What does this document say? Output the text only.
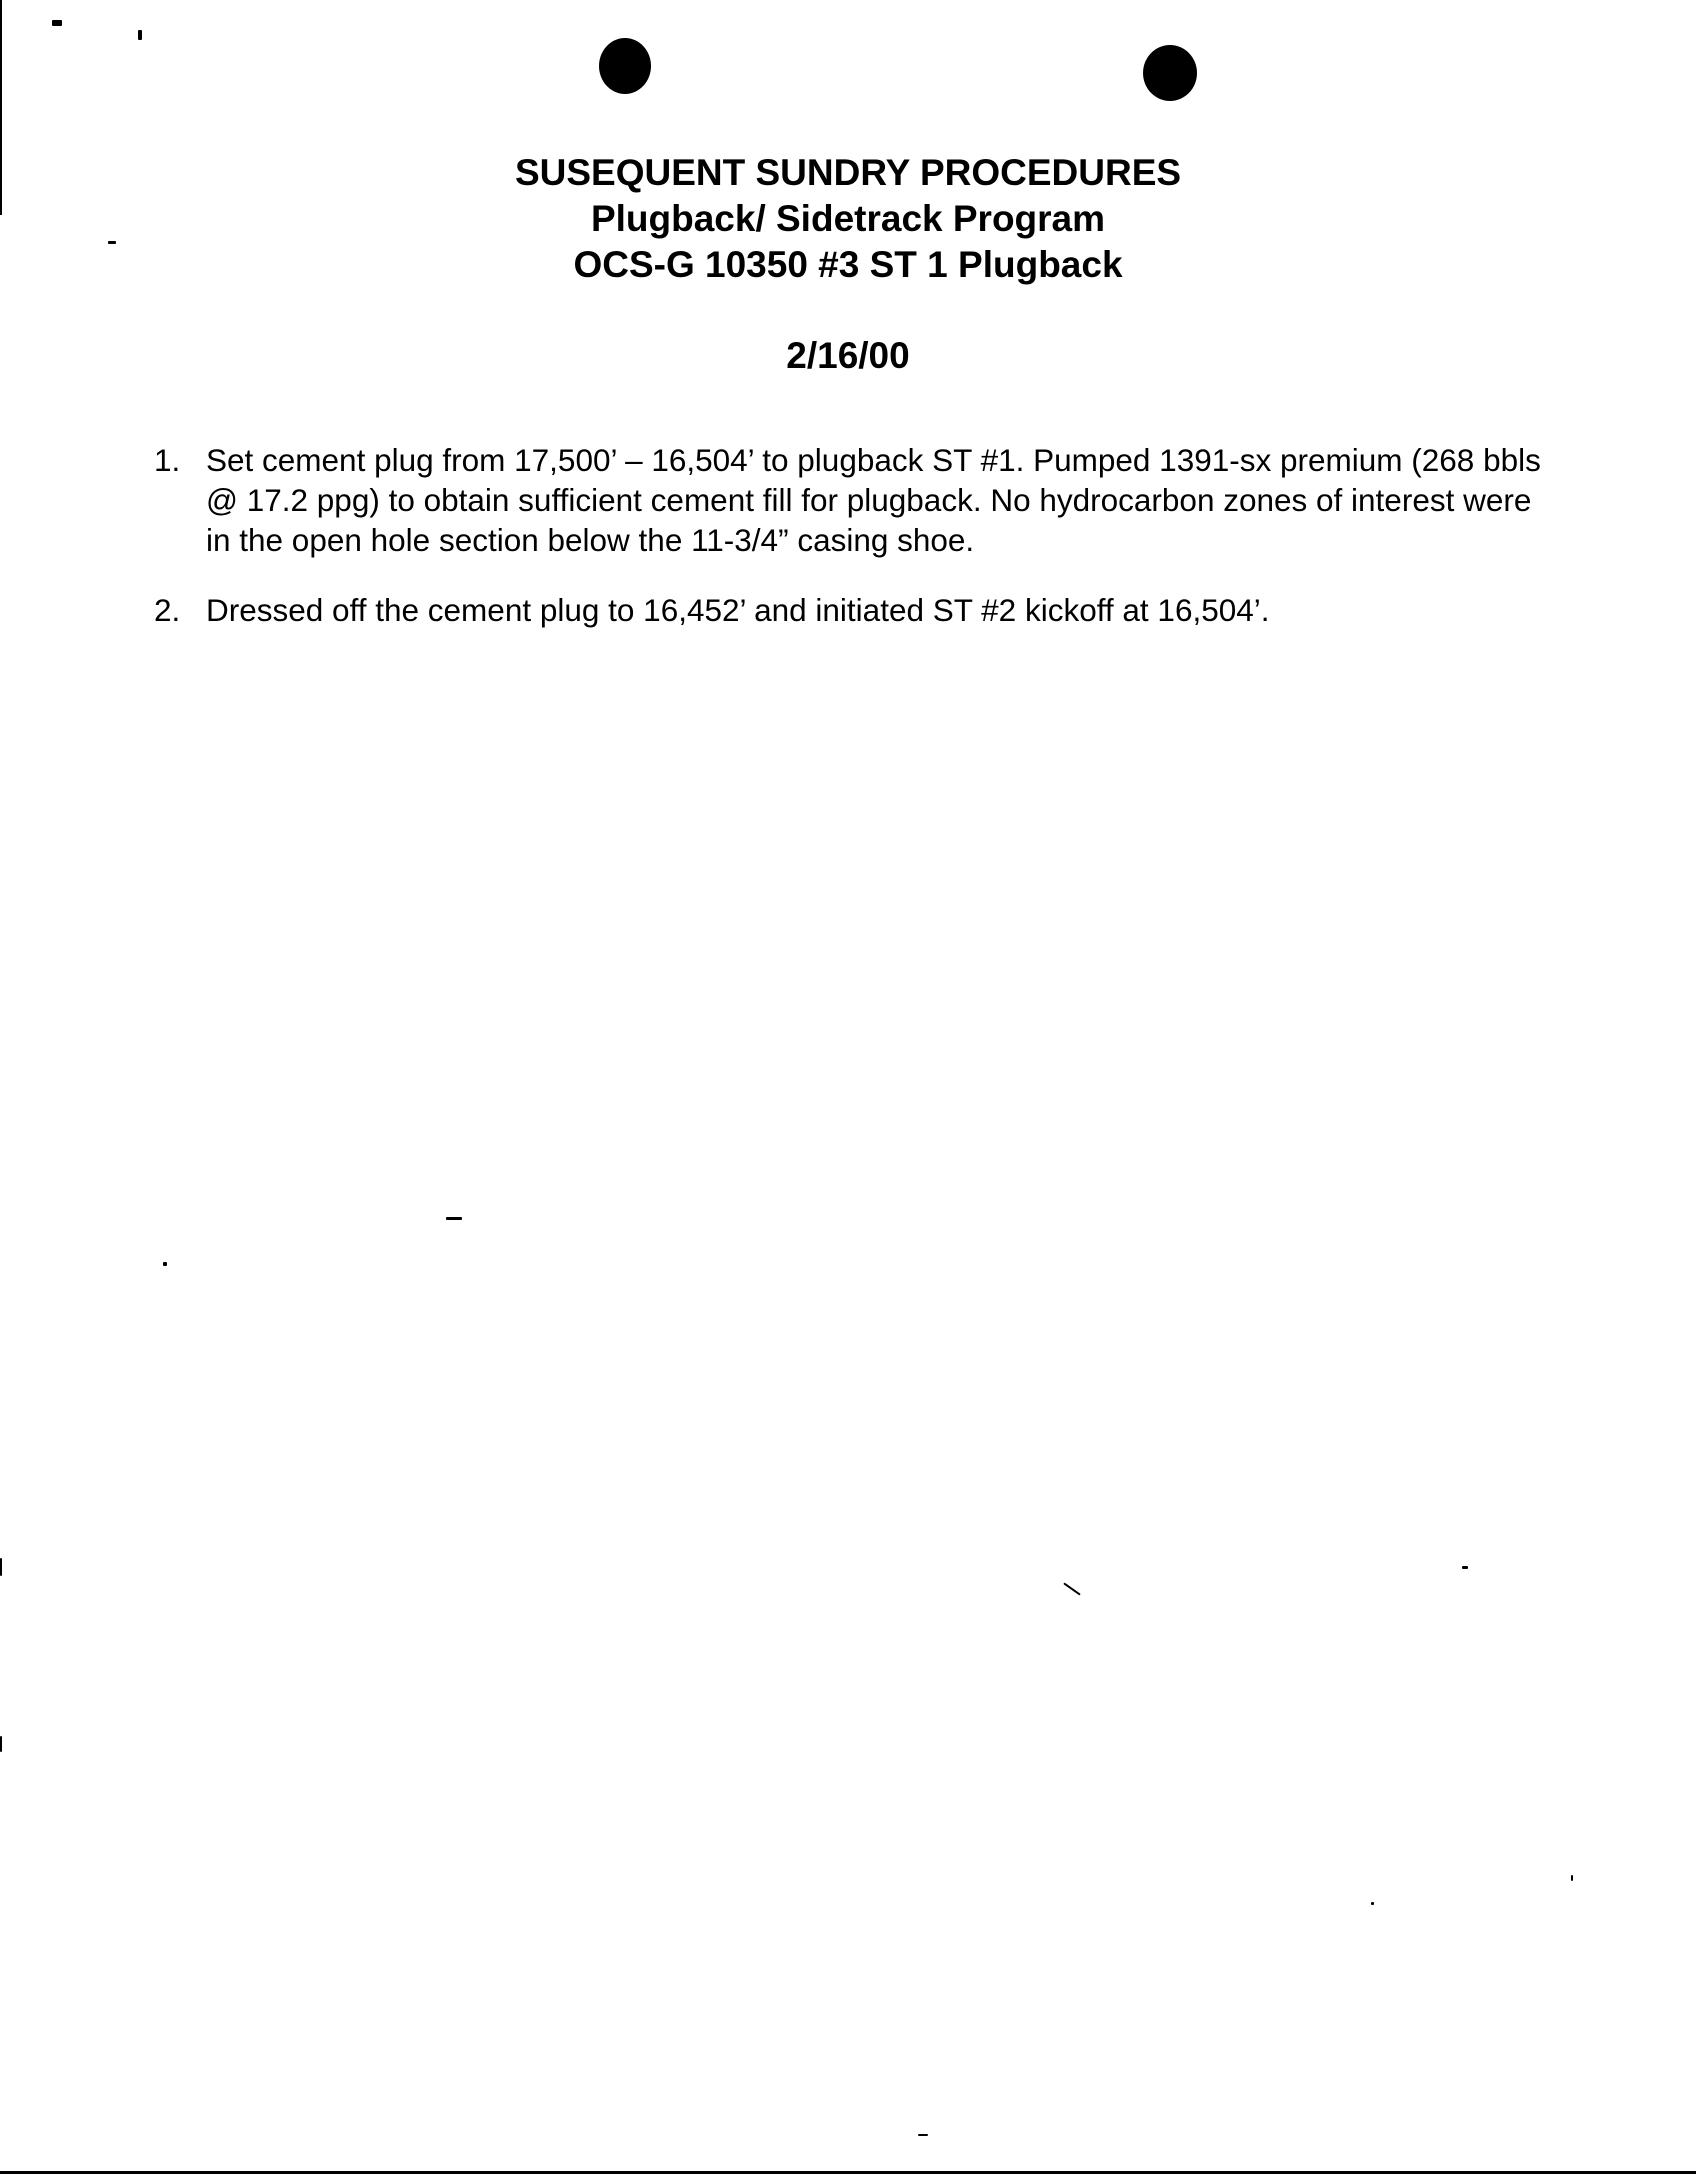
SUSEQUENT SUNDRY PROCEDURES
Plugback/ Sidetrack Program
OCS-G 10350 #3 ST 1 Plugback
2/16/00
1. Set cement plug from 17,500’ – 16,504’ to plugback ST #1. Pumped 1391-sx premium (268 bbls @ 17.2 ppg) to obtain sufficient cement fill for plugback. No hydrocarbon zones of interest were in the open hole section below the 11-3/4” casing shoe.
2. Dressed off the cement plug to 16,452’ and initiated ST #2 kickoff at 16,504’.
